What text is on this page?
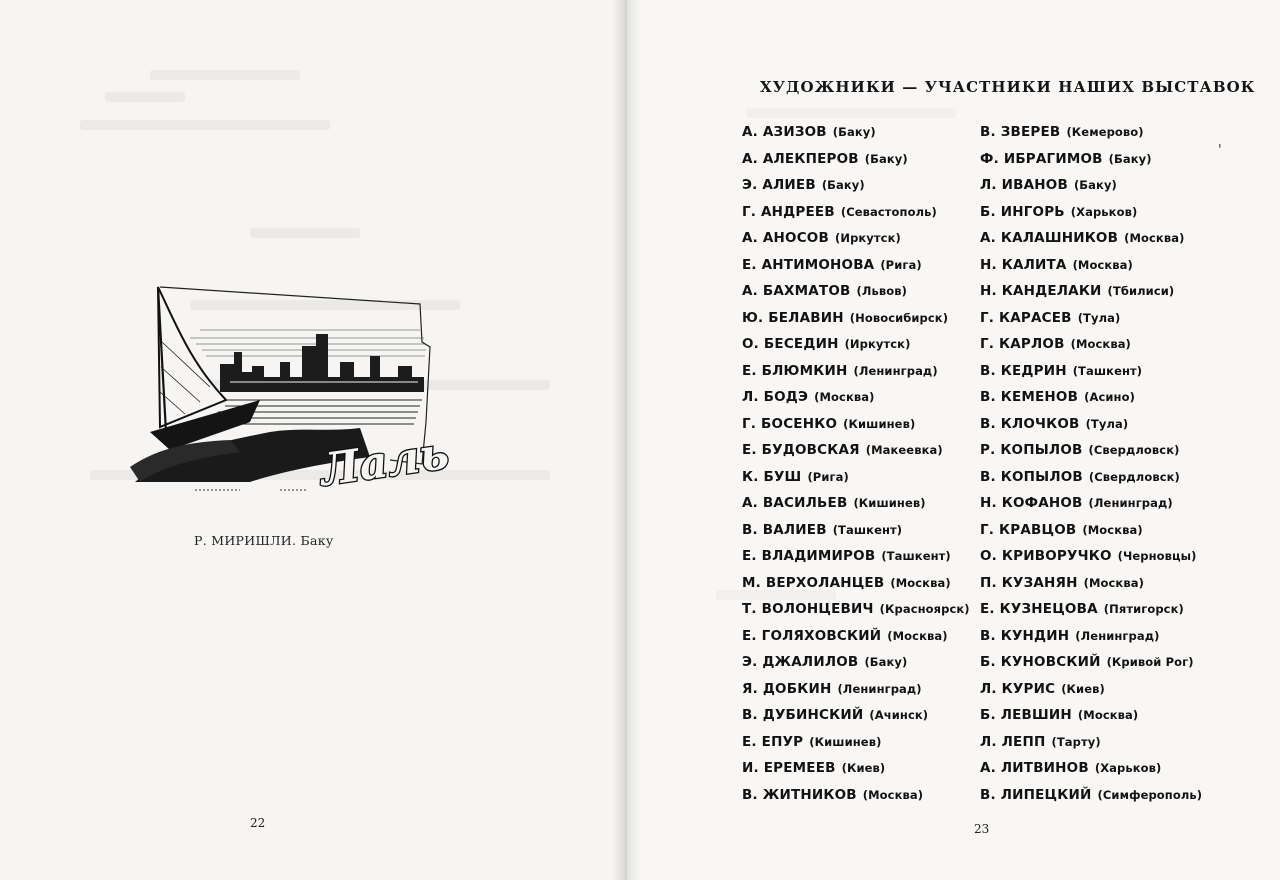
Лаль
Р. МИРИШЛИ. Баку
22
ХУДОЖНИКИ — УЧАСТНИКИ НАШИХ ВЫСТАВОК
А. АЗИЗОВ (Баку)
А. АЛЕКПЕРОВ (Баку)
Э. АЛИЕВ (Баку)
Г. АНДРЕЕВ (Севастополь)
А. АНОСОВ (Иркутск)
Е. АНТИМОНОВА (Рига)
А. БАХМАТОВ (Львов)
Ю. БЕЛАВИН (Новосибирск)
О. БЕСЕДИН (Иркутск)
Е. БЛЮМКИН (Ленинград)
Л. БОДЭ (Москва)
Г. БОСЕНКО (Кишинев)
Е. БУДОВСКАЯ (Макеевка)
К. БУШ (Рига)
А. ВАСИЛЬЕВ (Кишинев)
В. ВАЛИЕВ (Ташкент)
Е. ВЛАДИМИРОВ (Ташкент)
М. ВЕРХОЛАНЦЕВ (Москва)
Т. ВОЛОНЦЕВИЧ (Красноярск)
Е. ГОЛЯХОВСКИЙ (Москва)
Э. ДЖАЛИЛОВ (Баку)
Я. ДОБКИН (Ленинград)
В. ДУБИНСКИЙ (Ачинск)
Е. ЕПУР (Кишинев)
И. ЕРЕМЕЕВ (Киев)
В. ЖИТНИКОВ (Москва)
В. ЗВЕРЕВ (Кемерово)
Ф. ИБРАГИМОВ (Баку)
Л. ИВАНОВ (Баку)
Б. ИНГОРЬ (Харьков)
А. КАЛАШНИКОВ (Москва)
Н. КАЛИТА (Москва)
Н. КАНДЕЛАКИ (Тбилиси)
Г. КАРАСЕВ (Тула)
Г. КАРЛОВ (Москва)
В. КЕДРИН (Ташкент)
В. КЕМЕНОВ (Асино)
В. КЛОЧКОВ (Тула)
Р. КОПЫЛОВ (Свердловск)
В. КОПЫЛОВ (Свердловск)
Н. КОФАНОВ (Ленинград)
Г. КРАВЦОВ (Москва)
О. КРИВОРУЧКО (Черновцы)
П. КУЗАНЯН (Москва)
Е. КУЗНЕЦОВА (Пятигорск)
В. КУНДИН (Ленинград)
Б. КУНОВСКИЙ (Кривой Рог)
Л. КУРИС (Киев)
Б. ЛЕВШИН (Москва)
Л. ЛЕПП (Тарту)
А. ЛИТВИНОВ (Харьков)
В. ЛИПЕЦКИЙ (Симферополь)
'
23
